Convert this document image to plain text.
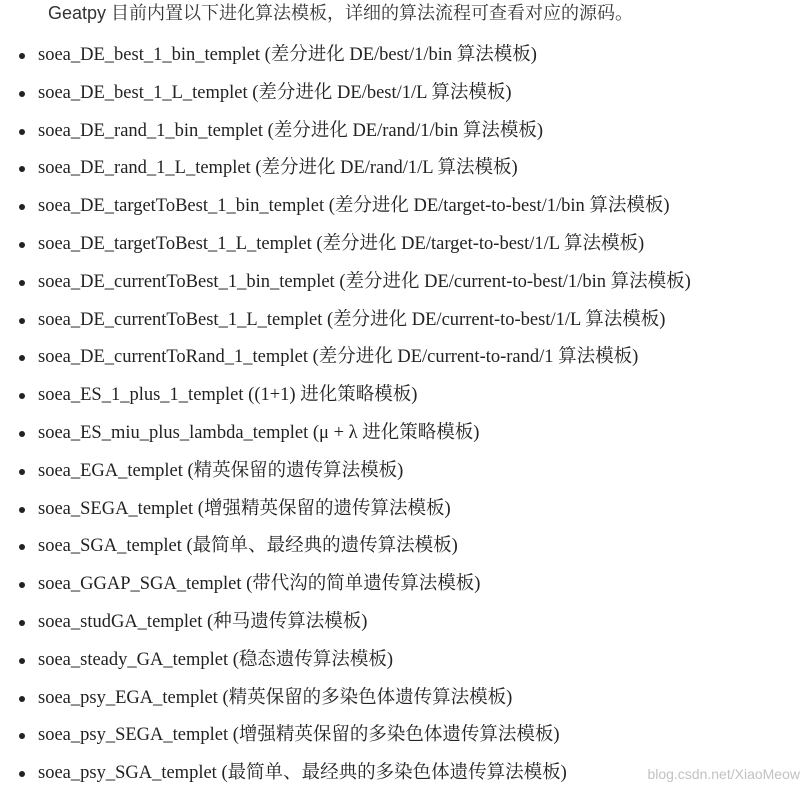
Geatpy 目前内置以下进化算法模板，详细的算法流程可查看对应的源码。
soea_DE_best_1_bin_templet (差分进化 DE/best/1/bin 算法模板)
soea_DE_best_1_L_templet (差分进化 DE/best/1/L 算法模板)
soea_DE_rand_1_bin_templet (差分进化 DE/rand/1/bin 算法模板)
soea_DE_rand_1_L_templet (差分进化 DE/rand/1/L 算法模板)
soea_DE_targetToBest_1_bin_templet (差分进化 DE/target-to-best/1/bin 算法模板)
soea_DE_targetToBest_1_L_templet (差分进化 DE/target-to-best/1/L 算法模板)
soea_DE_currentToBest_1_bin_templet (差分进化 DE/current-to-best/1/bin 算法模板)
soea_DE_currentToBest_1_L_templet (差分进化 DE/current-to-best/1/L 算法模板)
soea_DE_currentToRand_1_templet (差分进化 DE/current-to-rand/1 算法模板)
soea_ES_1_plus_1_templet ((1+1) 进化策略模板)
soea_ES_miu_plus_lambda_templet (μ + λ 进化策略模板)
soea_EGA_templet (精英保留的遗传算法模板)
soea_SEGA_templet (增强精英保留的遗传算法模板)
soea_SGA_templet (最简单、最经典的遗传算法模板)
soea_GGAP_SGA_templet (带代沟的简单遗传算法模板)
soea_studGA_templet (种马遗传算法模板)
soea_steady_GA_templet (稳态遗传算法模板)
soea_psy_EGA_templet (精英保留的多染色体遗传算法模板)
soea_psy_SEGA_templet (增强精英保留的多染色体遗传算法模板)
soea_psy_SGA_templet (最简单、最经典的多染色体遗传算法模板)	blog.csdn.net/XiaoMeow
